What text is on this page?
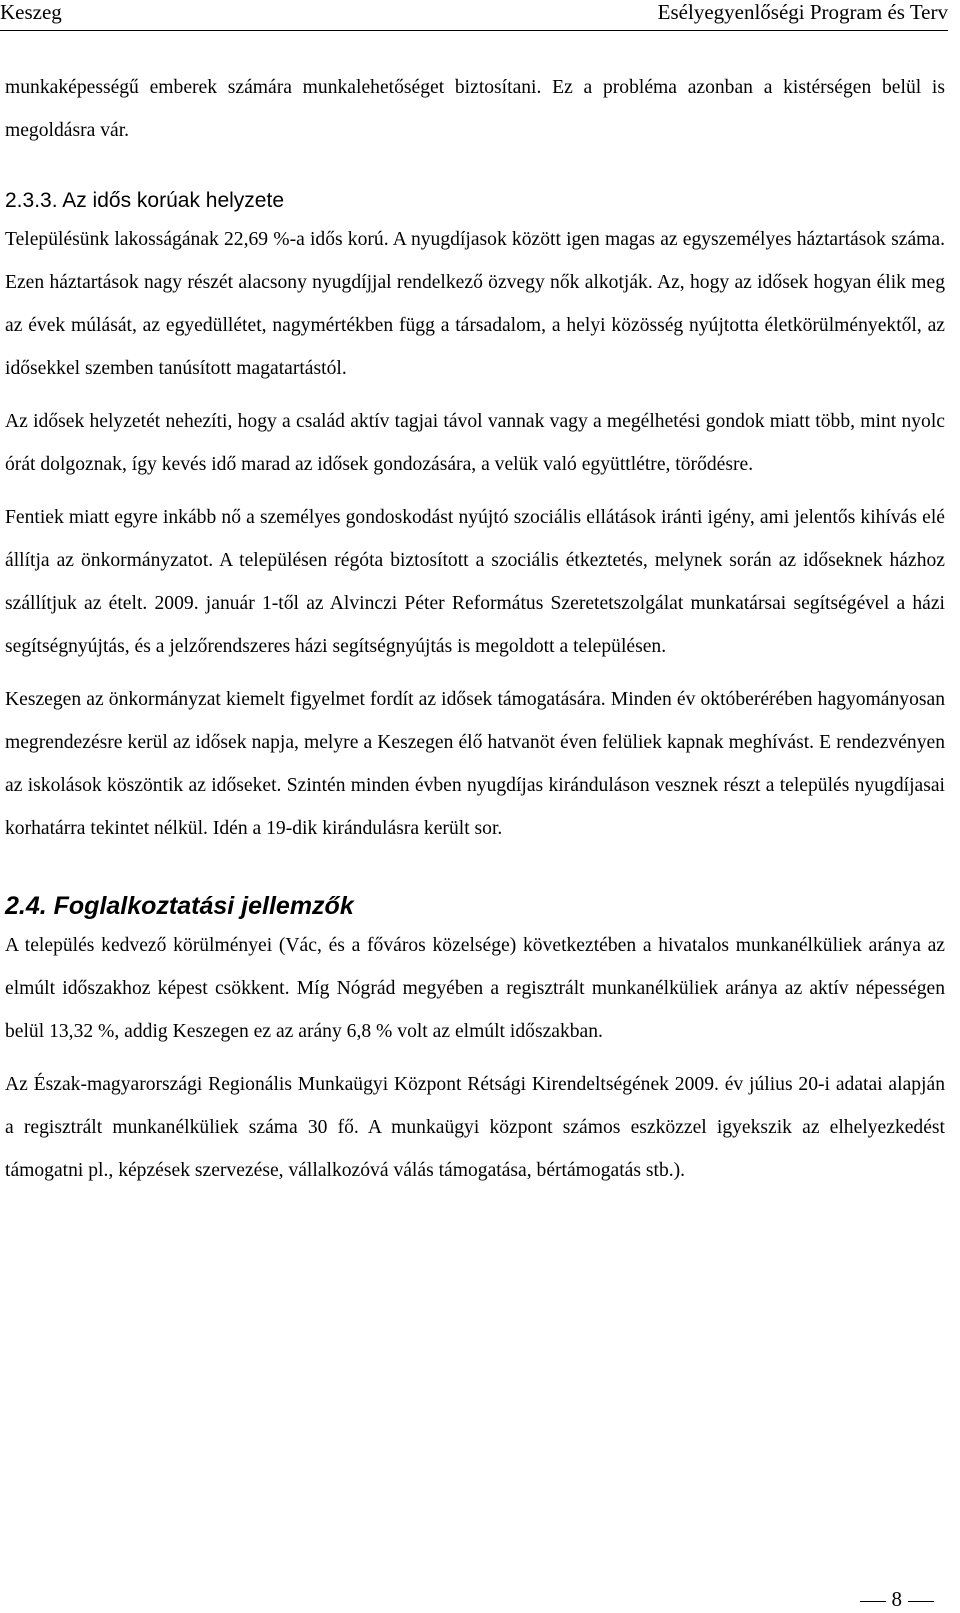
Keszeg	Esélyegyenlőségi Program és Terv

munkaképességű emberek számára munkalehetőséget biztosítani. Ez a probléma azonban a kistérségen belül is megoldásra vár.

2.3.3. Az idős korúak helyzete

Településünk lakosságának 22,69 %-a idős korú. A nyugdíjasok között igen magas az egyszemélyes háztartások száma. Ezen háztartások nagy részét alacsony nyugdíjjal rendelkező özvegy nők alkotják. Az, hogy az idősek hogyan élik meg az évek múlását, az egyedüllétet, nagymértékben függ a társadalom, a helyi közösség nyújtotta életkörülményektől, az idősekkel szemben tanúsított magatartástól.

Az idősek helyzetét nehezíti, hogy a család aktív tagjai távol vannak vagy a megélhetési gondok miatt több, mint nyolc órát dolgoznak, így kevés idő marad az idősek gondozására, a velük való együttlétre, törődésre.

Fentiek miatt egyre inkább nő a személyes gondoskodást nyújtó szociális ellátások iránti igény, ami jelentős kihívás elé állítja az önkormányzatot. A településen régóta biztosított a szociális étkeztetés, melynek során az időseknek házhoz szállítjuk az ételt. 2009. január 1-től az Alvinczi Péter Református Szeretetszolgálat munkatársai segítségével a házi segítségnyújtás, és a jelzőrendszeres házi segítségnyújtás is megoldott a településen.

Keszegen az önkormányzat kiemelt figyelmet fordít az idősek támogatására. Minden év októberérében hagyományosan megrendezésre kerül az idősek napja, melyre a Keszegen élő hatvanöt éven felüliek kapnak meghívást. E rendezvényen az iskolások köszöntik az időseket. Szintén minden évben nyugdíjas kiránduláson vesznek részt a település nyugdíjasai korhatárra tekintet nélkül. Idén a 19-dik kirándulásra került sor.

2.4. Foglalkoztatási jellemzők

A település kedvező körülményei (Vác, és a főváros közelsége) következtében a hivatalos munkanélküliek aránya az elmúlt időszakhoz képest csökkent. Míg Nógrád megyében a regisztrált munkanélküliek aránya az aktív népességen belül 13,32 %, addig Keszegen ez az arány 6,8 % volt az elmúlt időszakban.

Az Észak-magyarországi Regionális Munkaügyi Központ Rétsági Kirendeltségének 2009. év július 20-i adatai alapján a regisztrált munkanélküliek száma 30 fő. A munkaügyi központ számos eszközzel igyekszik az elhelyezkedést támogatni pl., képzések szervezése, vállalkozóvá válás támogatása, bértámogatás stb.).

8
